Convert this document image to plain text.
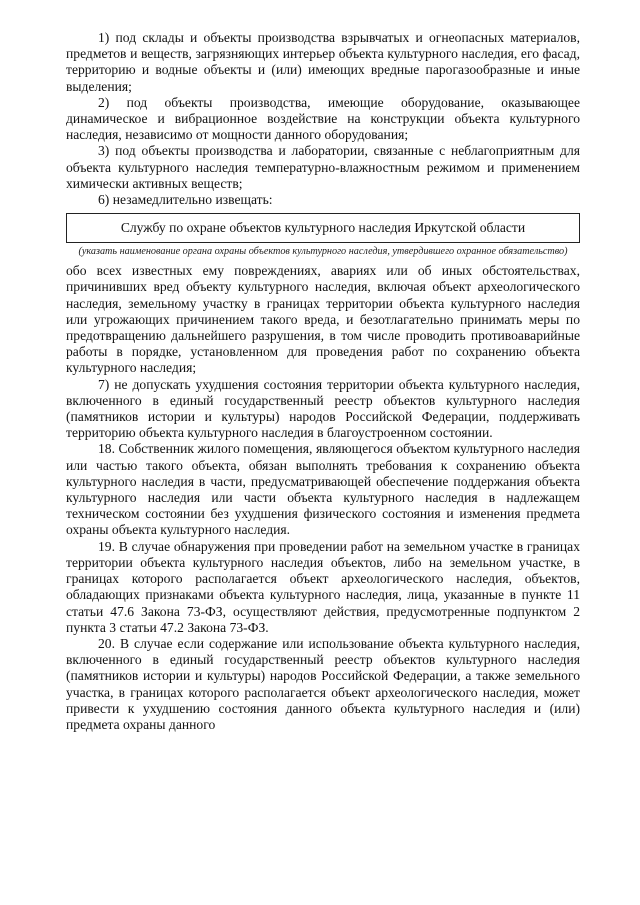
1) под склады и объекты производства взрывчатых и огнеопасных материалов, предметов и веществ, загрязняющих интерьер объекта культурного наследия, его фасад, территорию и водные объекты и (или) имеющих вредные парогазообразные и иные выделения;

2) под объекты производства, имеющие оборудование, оказывающее динамическое и вибрационное воздействие на конструкции объекта культурного наследия, независимо от мощности данного оборудования;

3) под объекты производства и лаборатории, связанные с неблагоприятным для объекта культурного наследия температурно-влажностным режимом и применением химически активных веществ;

6) незамедлительно извещать:

Службу по охране объектов культурного наследия Иркутской области
(указать наименование органа охраны объектов культурного наследия, утвердившего охранное обязательство)

обо всех известных ему повреждениях, авариях или об иных обстоятельствах, причинивших вред объекту культурного наследия, включая объект археологического наследия, земельному участку в границах территории объекта культурного наследия или угрожающих причинением такого вреда, и безотлагательно принимать меры по предотвращению дальнейшего разрушения, в том числе проводить противоаварийные работы в порядке, установленном для проведения работ по сохранению объекта культурного наследия;

7) не допускать ухудшения состояния территории объекта культурного наследия, включенного в единый государственный реестр объектов культурного наследия (памятников истории и культуры) народов Российской Федерации, поддерживать территорию объекта культурного наследия в благоустроенном состоянии.

18. Собственник жилого помещения, являющегося объектом культурного наследия или частью такого объекта, обязан выполнять требования к сохранению объекта культурного наследия в части, предусматривающей обеспечение поддержания объекта культурного наследия или части объекта культурного наследия в надлежащем техническом состоянии без ухудшения физического состояния и изменения предмета охраны объекта культурного наследия.

19. В случае обнаружения при проведении работ на земельном участке в границах территории объекта культурного наследия объектов, либо на земельном участке, в границах которого располагается объект археологического наследия, объектов, обладающих признаками объекта культурного наследия, лица, указанные в пункте 11 статьи 47.6 Закона 73-ФЗ, осуществляют действия, предусмотренные подпунктом 2 пункта 3 статьи 47.2 Закона 73-ФЗ.

20. В случае если содержание или использование объекта культурного наследия, включенного в единый государственный реестр объектов культурного наследия (памятников истории и культуры) народов Российской Федерации, а также земельного участка, в границах которого располагается объект археологического наследия, может привести к ухудшению состояния данного объекта культурного наследия и (или) предмета охраны данного
